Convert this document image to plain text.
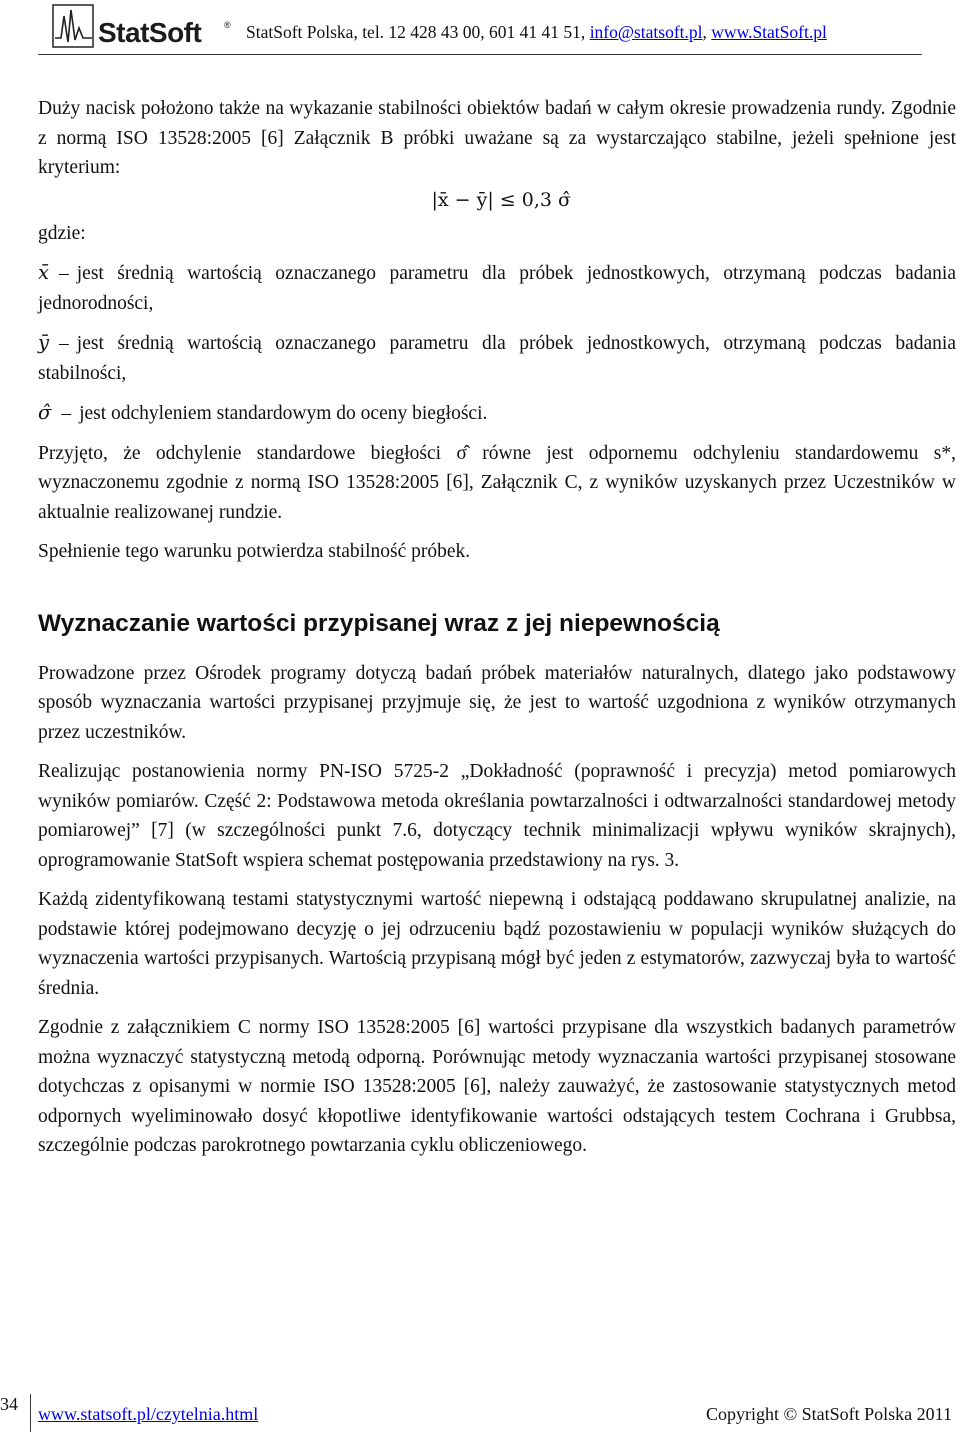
StatSoft	® StatSoft Polska, tel. 12 428 43 00, 601 41 41 51, info@statsoft.pl, www.StatSoft.pl

Duży nacisk położono także na wykazanie stabilności obiektów badań w całym okresie prowadzenia rundy. Zgodnie z normą ISO 13528:2005 [6] Załącznik B próbki uważane są za wystarczająco stabilne, jeżeli spełnione jest kryterium:

|x̄ − ȳ| ≤ 0,3 σ̂

gdzie:

x̄ – jest średnią wartością oznaczanego parametru dla próbek jednostkowych, otrzymaną podczas badania jednorodności,

ȳ – jest średnią wartością oznaczanego parametru dla próbek jednostkowych, otrzymaną podczas badania stabilności,

σ̂ – jest odchyleniem standardowym do oceny biegłości.

Przyjęto, że odchylenie standardowe biegłości σ̂ równe jest odpornemu odchyleniu standardowemu s*, wyznaczonemu zgodnie z normą ISO 13528:2005 [6], Załącznik C, z wyników uzyskanych przez Uczestników w aktualnie realizowanej rundzie.

Spełnienie tego warunku potwierdza stabilność próbek.

Wyznaczanie wartości przypisanej wraz z jej niepewnością

Prowadzone przez Ośrodek programy dotyczą badań próbek materiałów naturalnych, dlatego jako podstawowy sposób wyznaczania wartości przypisanej przyjmuje się, że jest to wartość uzgodniona z wyników otrzymanych przez uczestników.

Realizując postanowienia normy PN-ISO 5725-2 „Dokładność (poprawność i precyzja) metod pomiarowych wyników pomiarów. Część 2: Podstawowa metoda określania powtarzalności i odtwarzalności standardowej metody pomiarowej” [7] (w szczególności punkt 7.6, dotyczący technik minimalizacji wpływu wyników skrajnych), oprogramowanie StatSoft wspiera schemat postępowania przedstawiony na rys. 3.

Każdą zidentyfikowaną testami statystycznymi wartość niepewną i odstającą poddawano skrupulatnej analizie, na podstawie której podejmowano decyzję o jej odrzuceniu bądź pozostawieniu w populacji wyników służących do wyznaczenia wartości przypisanych. Wartością przypisaną mógł być jeden z estymatorów, zazwyczaj była to wartość średnia.

Zgodnie z załącznikiem C normy ISO 13528:2005 [6] wartości przypisane dla wszystkich badanych parametrów można wyznaczyć statystyczną metodą odporną. Porównując metody wyznaczania wartości przypisanej stosowane dotychczas z opisanymi w normie ISO 13528:2005 [6], należy zauważyć, że zastosowanie statystycznych metod odpornych wyeliminowało dosyć kłopotliwe identyfikowanie wartości odstających testem Cochrana i Grubbsa, szczególnie podczas parokrotnego powtarzania cyklu obliczeniowego.

34 www.statsoft.pl/czytelnia.html	Copyright © StatSoft Polska 2011
